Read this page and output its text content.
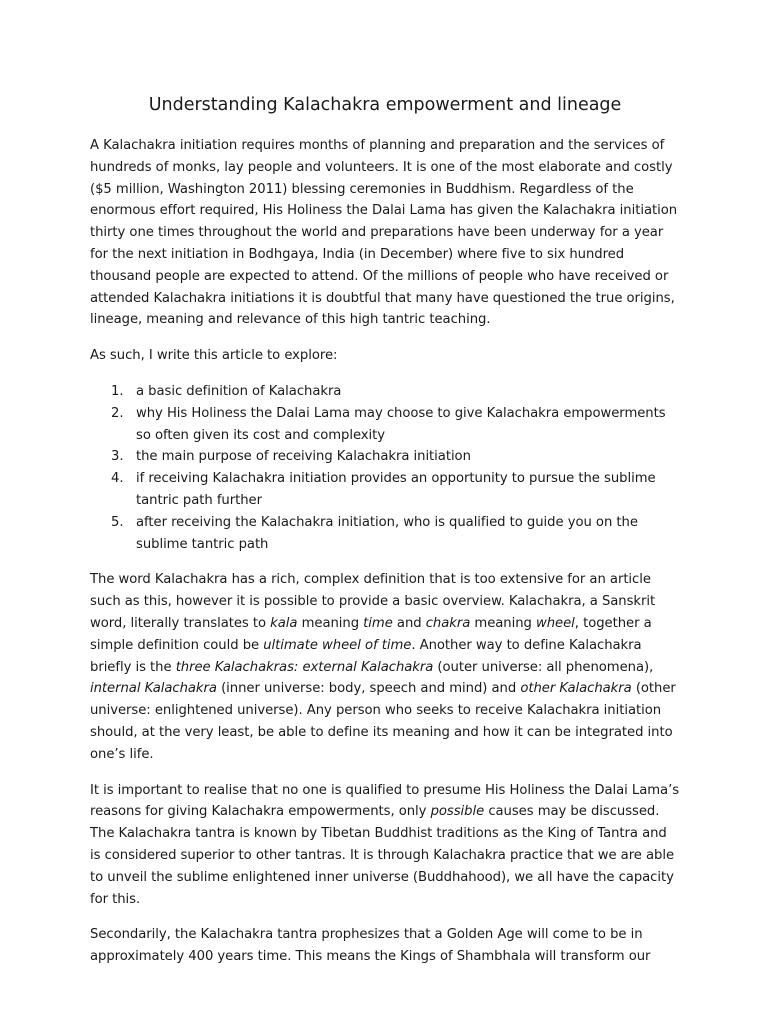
Understanding Kalachakra empowerment and lineage

A Kalachakra initiation requires months of planning and preparation and the services of hundreds of monks, lay people and volunteers. It is one of the most elaborate and costly ($5 million, Washington 2011) blessing ceremonies in Buddhism. Regardless of the enormous effort required, His Holiness the Dalai Lama has given the Kalachakra initiation thirty one times throughout the world and preparations have been underway for a year for the next initiation in Bodhgaya, India (in December) where five to six hundred thousand people are expected to attend. Of the millions of people who have received or attended Kalachakra initiations it is doubtful that many have questioned the true origins, lineage, meaning and relevance of this high tantric teaching.

As such, I write this article to explore:

1. a basic definition of Kalachakra
2. why His Holiness the Dalai Lama may choose to give Kalachakra empowerments so often given its cost and complexity
3. the main purpose of receiving Kalachakra initiation
4. if receiving Kalachakra initiation provides an opportunity to pursue the sublime tantric path further
5. after receiving the Kalachakra initiation, who is qualified to guide you on the sublime tantric path

The word Kalachakra has a rich, complex definition that is too extensive for an article such as this, however it is possible to provide a basic overview. Kalachakra, a Sanskrit word, literally translates to kala meaning time and chakra meaning wheel, together a simple definition could be ultimate wheel of time. Another way to define Kalachakra briefly is the three Kalachakras: external Kalachakra (outer universe: all phenomena), internal Kalachakra (inner universe: body, speech and mind) and other Kalachakra (other universe: enlightened universe). Any person who seeks to receive Kalachakra initiation should, at the very least, be able to define its meaning and how it can be integrated into one’s life.

It is important to realise that no one is qualified to presume His Holiness the Dalai Lama’s reasons for giving Kalachakra empowerments, only possible causes may be discussed. The Kalachakra tantra is known by Tibetan Buddhist traditions as the King of Tantra and is considered superior to other tantras. It is through Kalachakra practice that we are able to unveil the sublime enlightened inner universe (Buddhahood), we all have the capacity for this.

Secondarily, the Kalachakra tantra prophesizes that a Golden Age will come to be in approximately 400 years time. This means the Kings of Shambhala will transform our
